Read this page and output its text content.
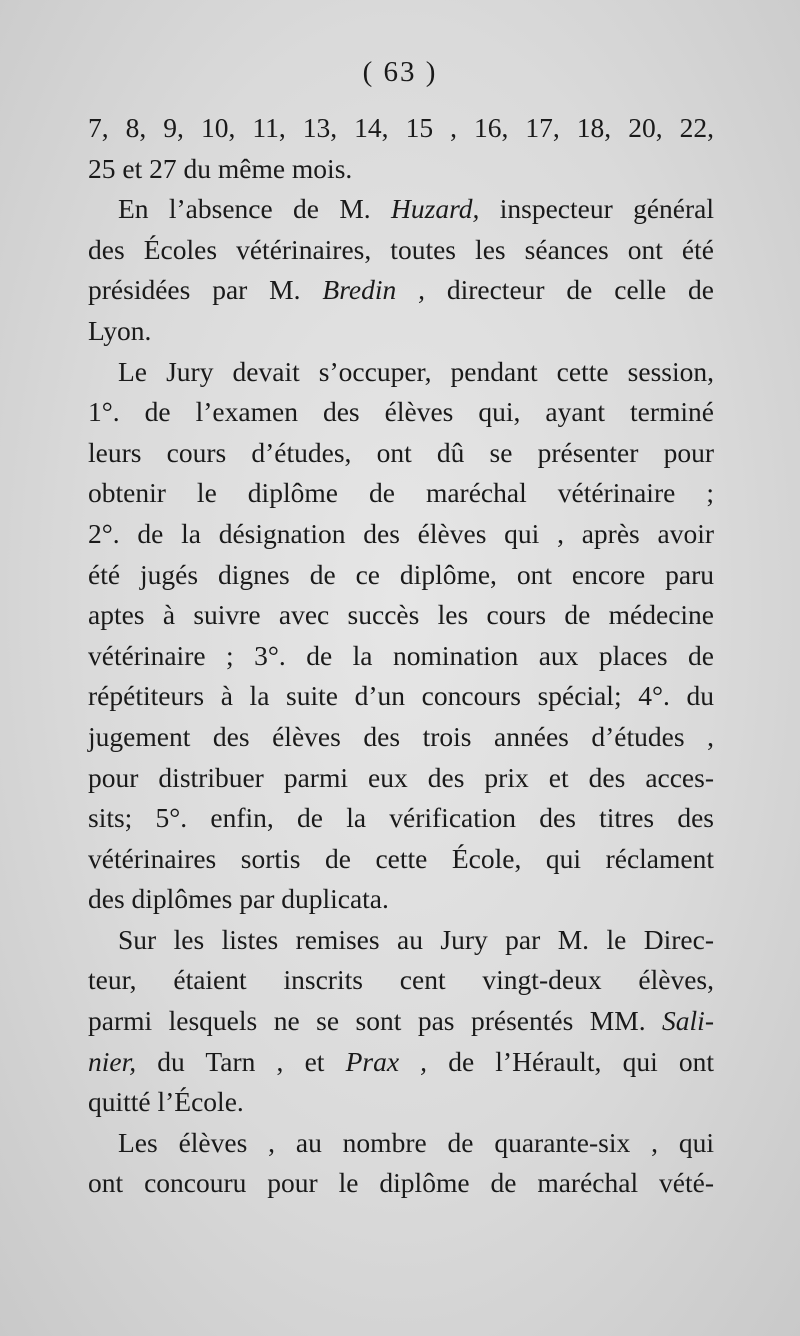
( 63 )
7, 8, 9, 10, 11, 13, 14, 15 , 16, 17, 18, 20, 22,
25 et 27 du même mois.
En l’absence de M. Huzard, inspecteur général
des Écoles vétérinaires, toutes les séances ont été
présidées par M. Bredin , directeur de celle de
Lyon.
Le Jury devait s’occuper, pendant cette session,
1°. de l’examen des élèves qui, ayant terminé
leurs cours d’études, ont dû se présenter pour
obtenir le diplôme de maréchal vétérinaire ;
2°. de la désignation des élèves qui , après avoir
été jugés dignes de ce diplôme, ont encore paru
aptes à suivre avec succès les cours de médecine
vétérinaire ; 3°. de la nomination aux places de
répétiteurs à la suite d’un concours spécial; 4°. du
jugement des élèves des trois années d’études ,
pour distribuer parmi eux des prix et des acces-
sits; 5°. enfin, de la vérification des titres des
vétérinaires sortis de cette École, qui réclament
des diplômes par duplicata.
Sur les listes remises au Jury par M. le Direc-
teur, étaient inscrits cent vingt-deux élèves,
parmi lesquels ne se sont pas présentés MM. Sali-
nier, du Tarn , et Prax , de l’Hérault, qui ont
quitté l’École.
Les élèves , au nombre de quarante-six , qui
ont concouru pour le diplôme de maréchal vété-
